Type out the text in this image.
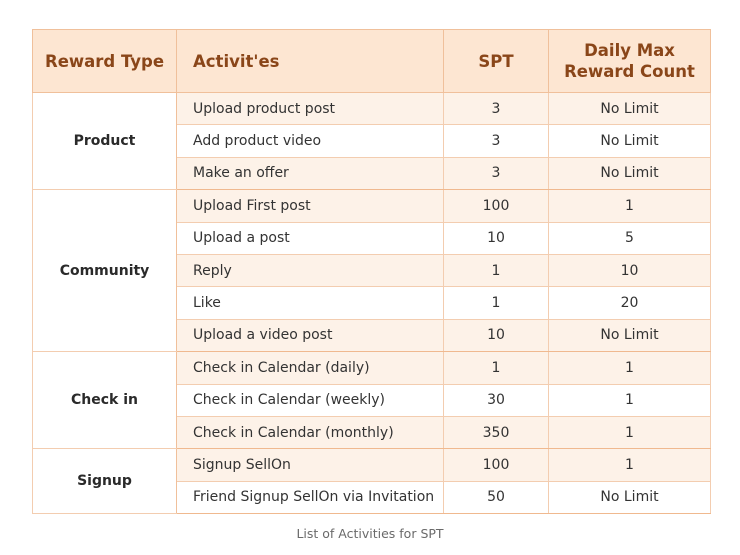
Reward Type	Activit'es	SPT	Daily Max
Reward Count
Product	Upload product post	3	No Limit
	Add product video	3	No Limit
	Make an offer	3	No Limit
Community	Upload First post	100	1
	Upload a post	10	5
	Reply	1	10
	Like	1	20
	Upload a video post	10	No Limit
Check in	Check in Calendar (daily)	1	1
	Check in Calendar (weekly)	30	1
	Check in Calendar (monthly)	350	1
Signup	Signup SellOn	100	1
	Friend Signup SellOn via Invitation	50	No Limit
List of Activities for SPT
